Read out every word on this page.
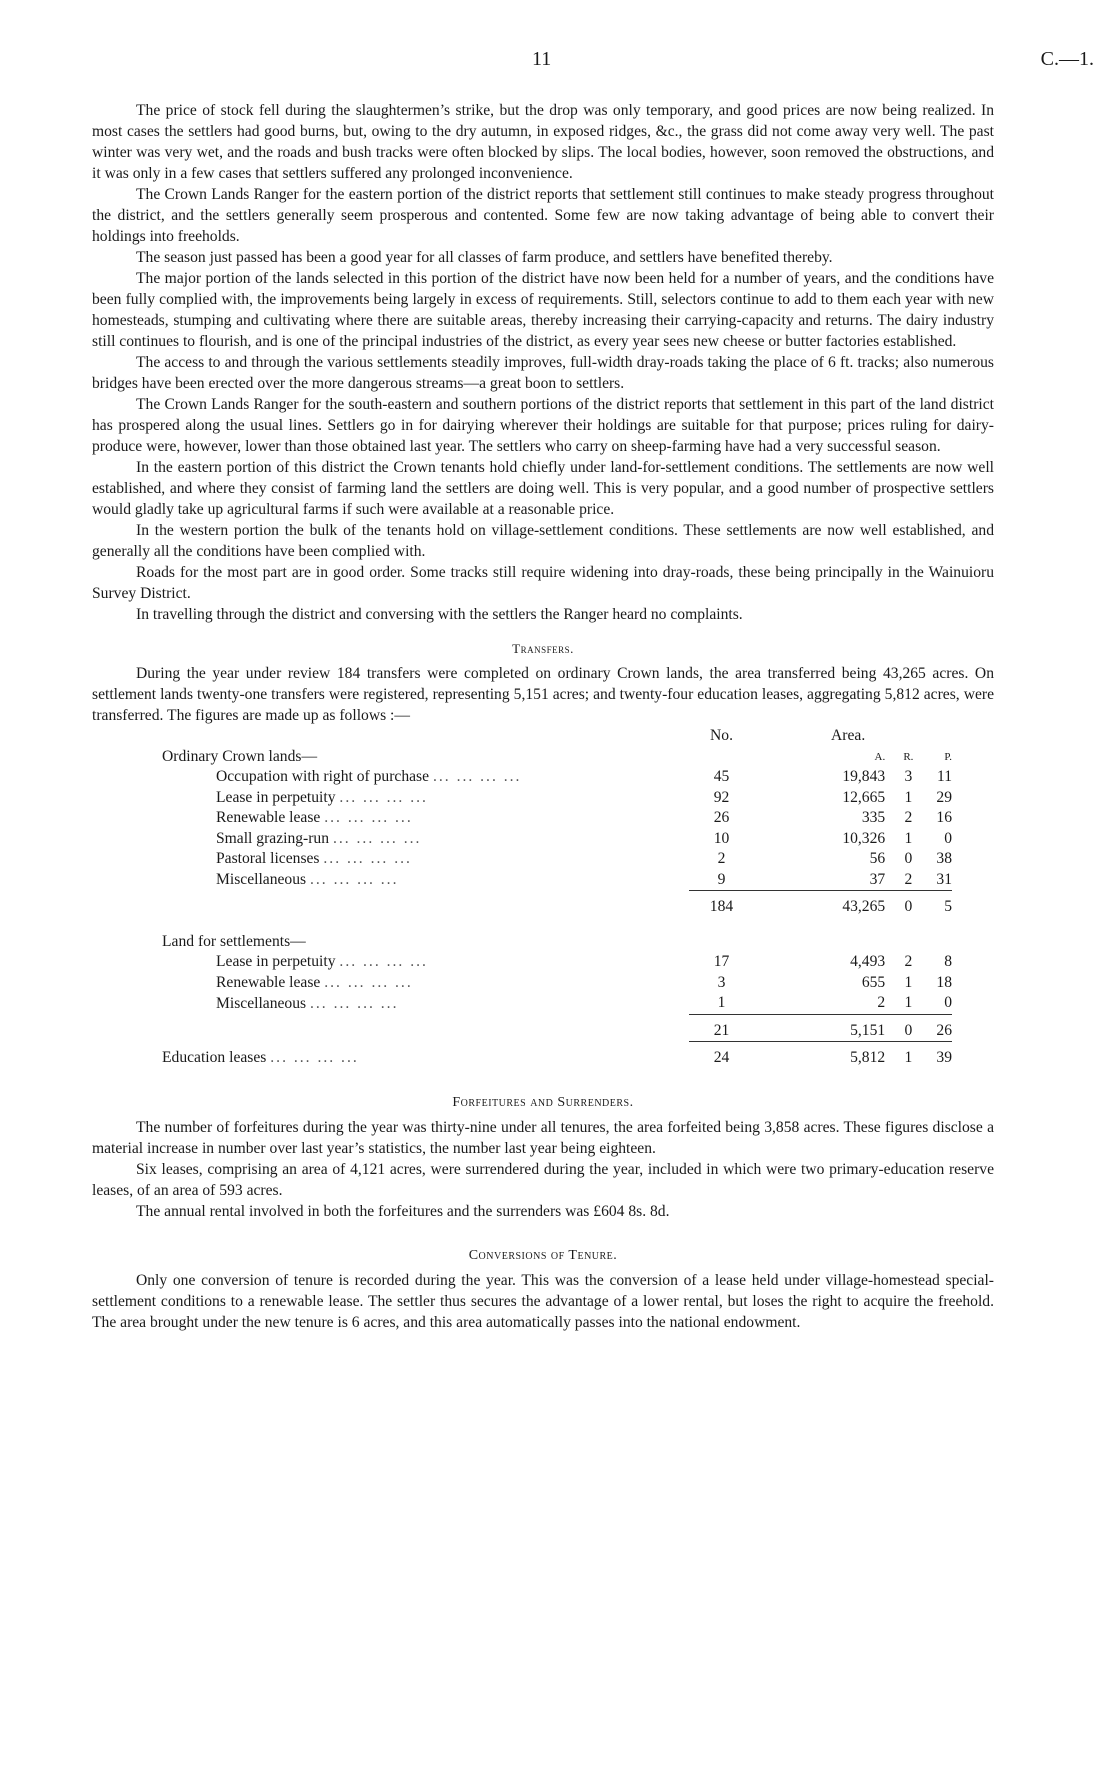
11	C.—1.

The price of stock fell during the slaughtermen’s strike, but the drop was only temporary, and good prices are now being realized. In most cases the settlers had good burns, but, owing to the dry autumn, in exposed ridges, &c., the grass did not come away very well. The past winter was very wet, and the roads and bush tracks were often blocked by slips. The local bodies, however, soon removed the obstructions, and it was only in a few cases that settlers suffered any prolonged inconvenience.

The Crown Lands Ranger for the eastern portion of the district reports that settlement still continues to make steady progress throughout the district, and the settlers generally seem prosperous and contented. Some few are now taking advantage of being able to convert their holdings into freeholds.

The season just passed has been a good year for all classes of farm produce, and settlers have benefited thereby.

The major portion of the lands selected in this portion of the district have now been held for a number of years, and the conditions have been fully complied with, the improvements being largely in excess of requirements. Still, selectors continue to add to them each year with new homesteads, stumping and cultivating where there are suitable areas, thereby increasing their carrying-capacity and returns. The dairy industry still continues to flourish, and is one of the principal industries of the district, as every year sees new cheese or butter factories established.

The access to and through the various settlements steadily improves, full-width dray-roads taking the place of 6 ft. tracks; also numerous bridges have been erected over the more dangerous streams—a great boon to settlers.

The Crown Lands Ranger for the south-eastern and southern portions of the district reports that settlement in this part of the land district has prospered along the usual lines. Settlers go in for dairying wherever their holdings are suitable for that purpose; prices ruling for dairy-produce were, however, lower than those obtained last year. The settlers who carry on sheep-farming have had a very successful season.

In the eastern portion of this district the Crown tenants hold chiefly under land-for-settlement conditions. The settlements are now well established, and where they consist of farming land the settlers are doing well. This is very popular, and a good number of prospective settlers would gladly take up agricultural farms if such were available at a reasonable price.

In the western portion the bulk of the tenants hold on village-settlement conditions. These settlements are now well established, and generally all the conditions have been complied with.

Roads for the most part are in good order. Some tracks still require widening into dray-roads, these being principally in the Wainuioru Survey District.

In travelling through the district and conversing with the settlers the Ranger heard no complaints.

Transfers.

During the year under review 184 transfers were completed on ordinary Crown lands, the area transferred being 43,265 acres. On settlement lands twenty-one transfers were registered, representing 5,151 acres; and twenty-four education leases, aggregating 5,812 acres, were transferred. The figures are made up as follows :—

	No.	Area.		
Ordinary Crown lands—		A.	R.	P.
Occupation with right of purchase ... ... ... ...	45	19,843	3	11
Lease in perpetuity ... ... ... ...	92	12,665	1	29
Renewable lease ... ... ... ...	26	335	2	16
Small grazing-run ... ... ... ...	10	10,326	1	0
Pastoral licenses ... ... ... ...	2	56	0	38
Miscellaneous ... ... ... ...	9	37	2	31

	184	43,265	0	5

Land for settlements—				
Lease in perpetuity ... ... ... ...	17	4,493	2	8
Renewable lease ... ... ... ...	3	655	1	18
Miscellaneous ... ... ... ...	1	2	1	0

	21	5,151	0	26

Education leases ... ... ... ...	24	5,812	1	39
Forfeitures and Surrenders.

The number of forfeitures during the year was thirty-nine under all tenures, the area forfeited being 3,858 acres. These figures disclose a material increase in number over last year’s statistics, the number last year being eighteen.

Six leases, comprising an area of 4,121 acres, were surrendered during the year, included in which were two primary-education reserve leases, of an area of 593 acres.

The annual rental involved in both the forfeitures and the surrenders was £604 8s. 8d.

Conversions of Tenure.

Only one conversion of tenure is recorded during the year. This was the conversion of a lease held under village-homestead special-settlement conditions to a renewable lease. The settler thus secures the advantage of a lower rental, but loses the right to acquire the freehold. The area brought under the new tenure is 6 acres, and this area automatically passes into the national endowment.
